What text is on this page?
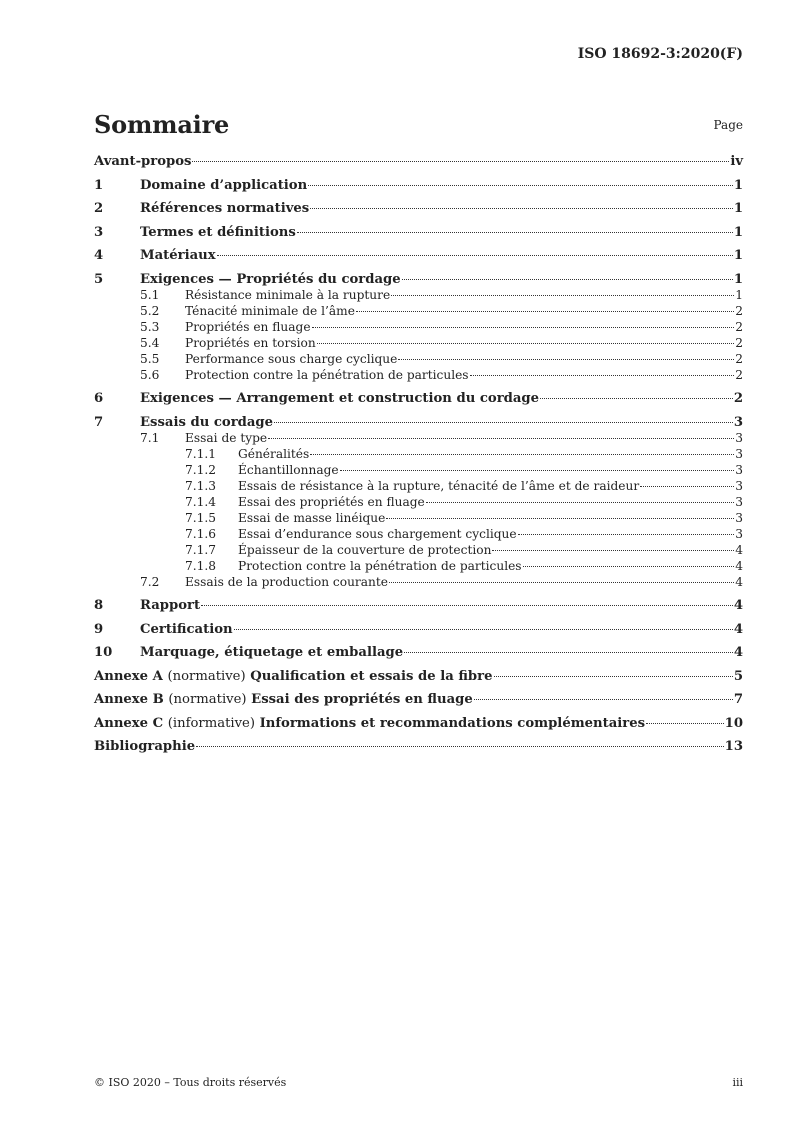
ISO 18692-3:2020(F)
Sommaire	Page
Avant-propos	iv
1	Domaine d’application	1
2	Références normatives	1
3	Termes et définitions	1
4	Matériaux	1
5	Exigences — Propriétés du cordage	1
5.1	Résistance minimale à la rupture	1
5.2	Ténacité minimale de l’âme	2
5.3	Propriétés en fluage	2
5.4	Propriétés en torsion	2
5.5	Performance sous charge cyclique	2
5.6	Protection contre la pénétration de particules	2
6	Exigences — Arrangement et construction du cordage	2
7	Essais du cordage	3
7.1	Essai de type	3
7.1.1	Généralités	3
7.1.2	Échantillonnage	3
7.1.3	Essais de résistance à la rupture, ténacité de l’âme et de raideur	3
7.1.4	Essai des propriétés en fluage	3
7.1.5	Essai de masse linéique	3
7.1.6	Essai d’endurance sous chargement cyclique	3
7.1.7	Épaisseur de la couverture de protection	4
7.1.8	Protection contre la pénétration de particules	4
7.2	Essais de la production courante	4
8	Rapport	4
9	Certification	4
10	Marquage, étiquetage et emballage	4
Annexe A (normative) Qualification et essais de la fibre	5
Annexe B (normative) Essai des propriétés en fluage	7
Annexe C (informative) Informations et recommandations complémentaires	10
Bibliographie	13
© ISO 2020 – Tous droits réservés	iii
